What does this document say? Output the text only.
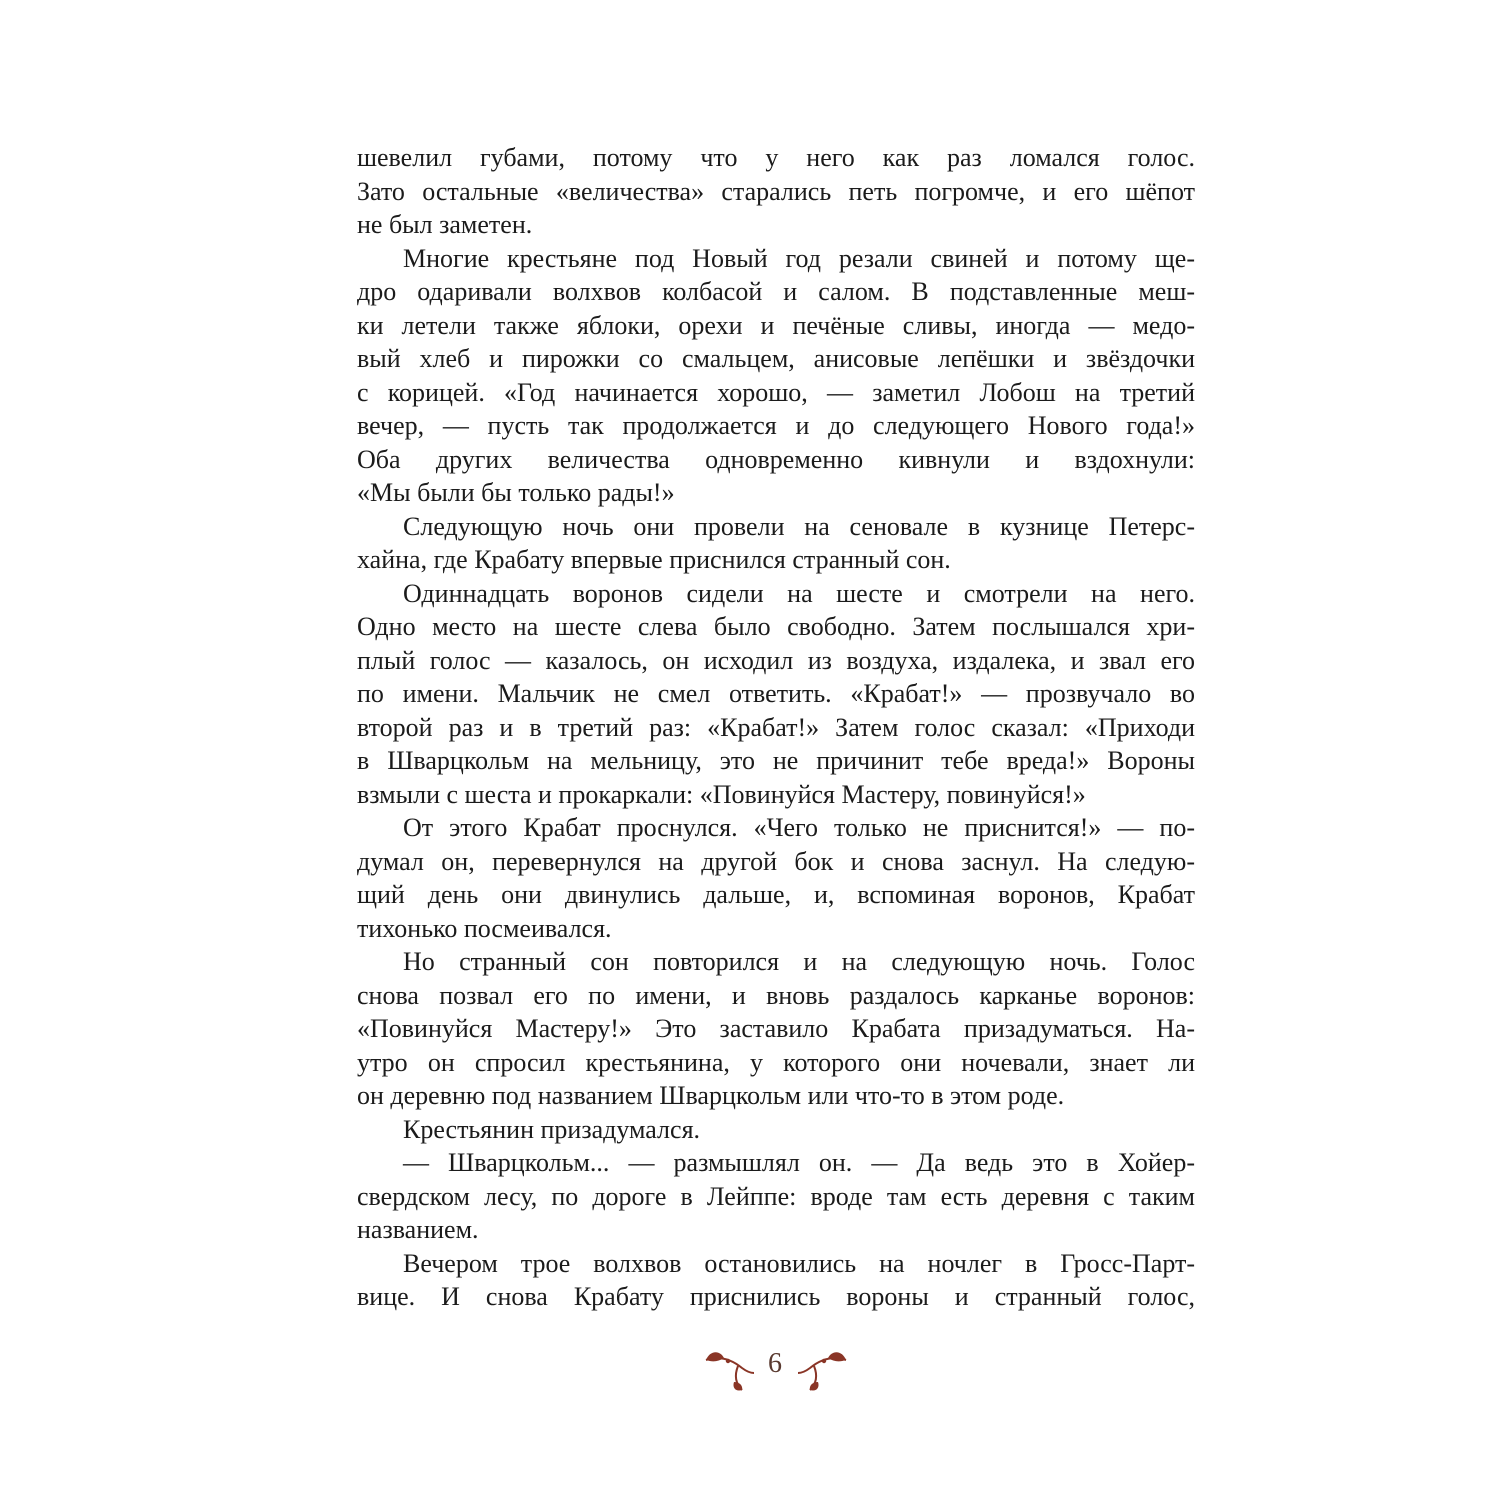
шевелил губами, потому что у него как раз ломался голос.
Зато остальные «величества» старались петь погромче, и его шёпот
не был заметен.
Многие крестьяне под Новый год резали свиней и потому ще-
дро одаривали волхвов колбасой и салом. В подставленные меш-
ки летели также яблоки, орехи и печёные сливы, иногда — медо-
вый хлеб и пирожки со смальцем, анисовые лепёшки и звёздочки
с корицей. «Год начинается хорошо, — заметил Лобош на третий
вечер, — пусть так продолжается и до следующего Нового года!»
Оба других величества одновременно кивнули и вздохнули:
«Мы были бы только рады!»
Следующую ночь они провели на сеновале в кузнице Петерс-
хайна, где Крабату впервые приснился странный сон.
Одиннадцать воронов сидели на шесте и смотрели на него.
Одно место на шесте слева было свободно. Затем послышался хри-
плый голос — казалось, он исходил из воздуха, издалека, и звал его
по имени. Мальчик не смел ответить. «Крабат!» — прозвучало во
второй раз и в третий раз: «Крабат!» Затем голос сказал: «Приходи
в Шварцкольм на мельницу, это не причинит тебе вреда!» Вороны
взмыли с шеста и прокаркали: «Повинуйся Мастеру, повинуйся!»
От этого Крабат проснулся. «Чего только не приснится!» — по-
думал он, перевернулся на другой бок и снова заснул. На следую-
щий день они двинулись дальше, и, вспоминая воронов, Крабат
тихонько посмеивался.
Но странный сон повторился и на следующую ночь. Голос
снова позвал его по имени, и вновь раздалось карканье воронов:
«Повинуйся Мастеру!» Это заставило Крабата призадуматься. На-
утро он спросил крестьянина, у которого они ночевали, знает ли
он деревню под названием Шварцкольм или что-то в этом роде.
Крестьянин призадумался.
— Шварцкольм... — размышлял он. — Да ведь это в Хойер-
свердском лесу, по дороге в Лейппе: вроде там есть деревня с таким
названием.
Вечером трое волхвов остановились на ночлег в Гросс-Парт-
вице. И снова Крабату приснились вороны и странный голос,
6
